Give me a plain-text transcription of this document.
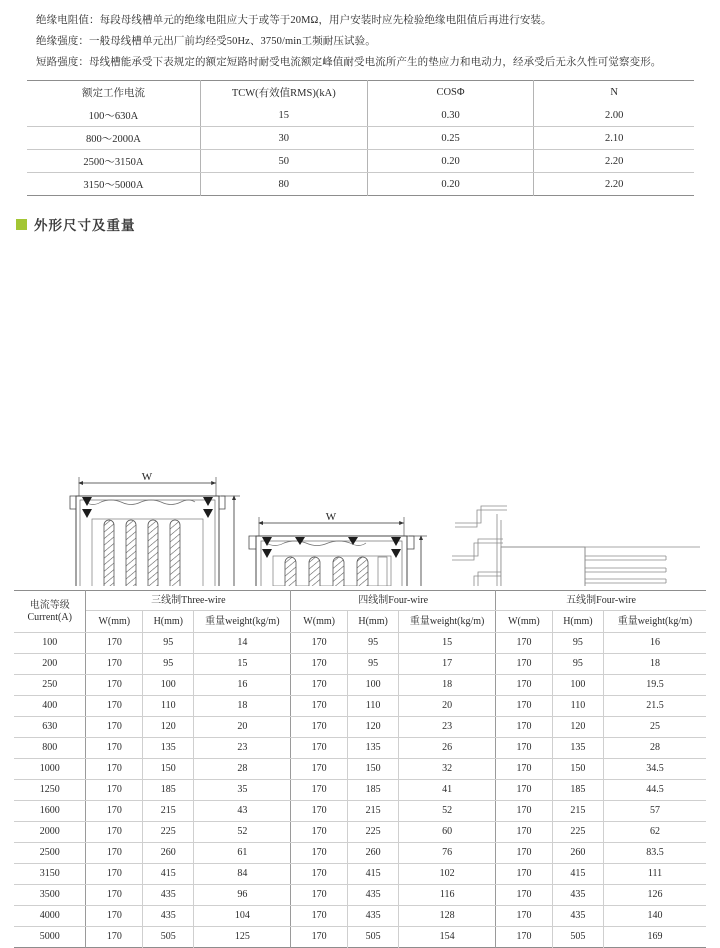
绝缘电阻值：每段母线槽单元的绝缘电阻应大于或等于20MΩ，用户安装时应先检验绝缘电阻值后再进行安装。
绝缘强度：一般母线槽单元出厂前均经受50Hz、3750/min工频耐压试验。
短路强度：母线槽能承受下表规定的额定短路时耐受电流额定峰值耐受电流所产生的垫应力和电动力，经承受后无永久性可觉察变形。
额定工作电流	TCW(有效值RMS)(kA)	COSΦ	N
100～630A	15	0.30	2.00
800～2000A	30	0.25	2.10
2500～3150A	50	0.20	2.20
3150～5000A	80	0.20	2.20
外形尺寸及重量
W
W
电流等级
Current(A)	三线制Three-wire			四线制Four-wire			五线制Four-wire		
	W(mm)	H(mm)	重量weight(kg/m)	W(mm)	H(mm)	重量weight(kg/m)	W(mm)	H(mm)	重量weight(kg/m)
100	170	95	14	170	95	15	170	95	16
200	170	95	15	170	95	17	170	95	18
250	170	100	16	170	100	18	170	100	19.5
400	170	110	18	170	110	20	170	110	21.5
630	170	120	20	170	120	23	170	120	25
800	170	135	23	170	135	26	170	135	28
1000	170	150	28	170	150	32	170	150	34.5
1250	170	185	35	170	185	41	170	185	44.5
1600	170	215	43	170	215	52	170	215	57
2000	170	225	52	170	225	60	170	225	62
2500	170	260	61	170	260	76	170	260	83.5
3150	170	415	84	170	415	102	170	415	111
3500	170	435	96	170	435	116	170	435	126
4000	170	435	104	170	435	128	170	435	140
5000	170	505	125	170	505	154	170	505	169
